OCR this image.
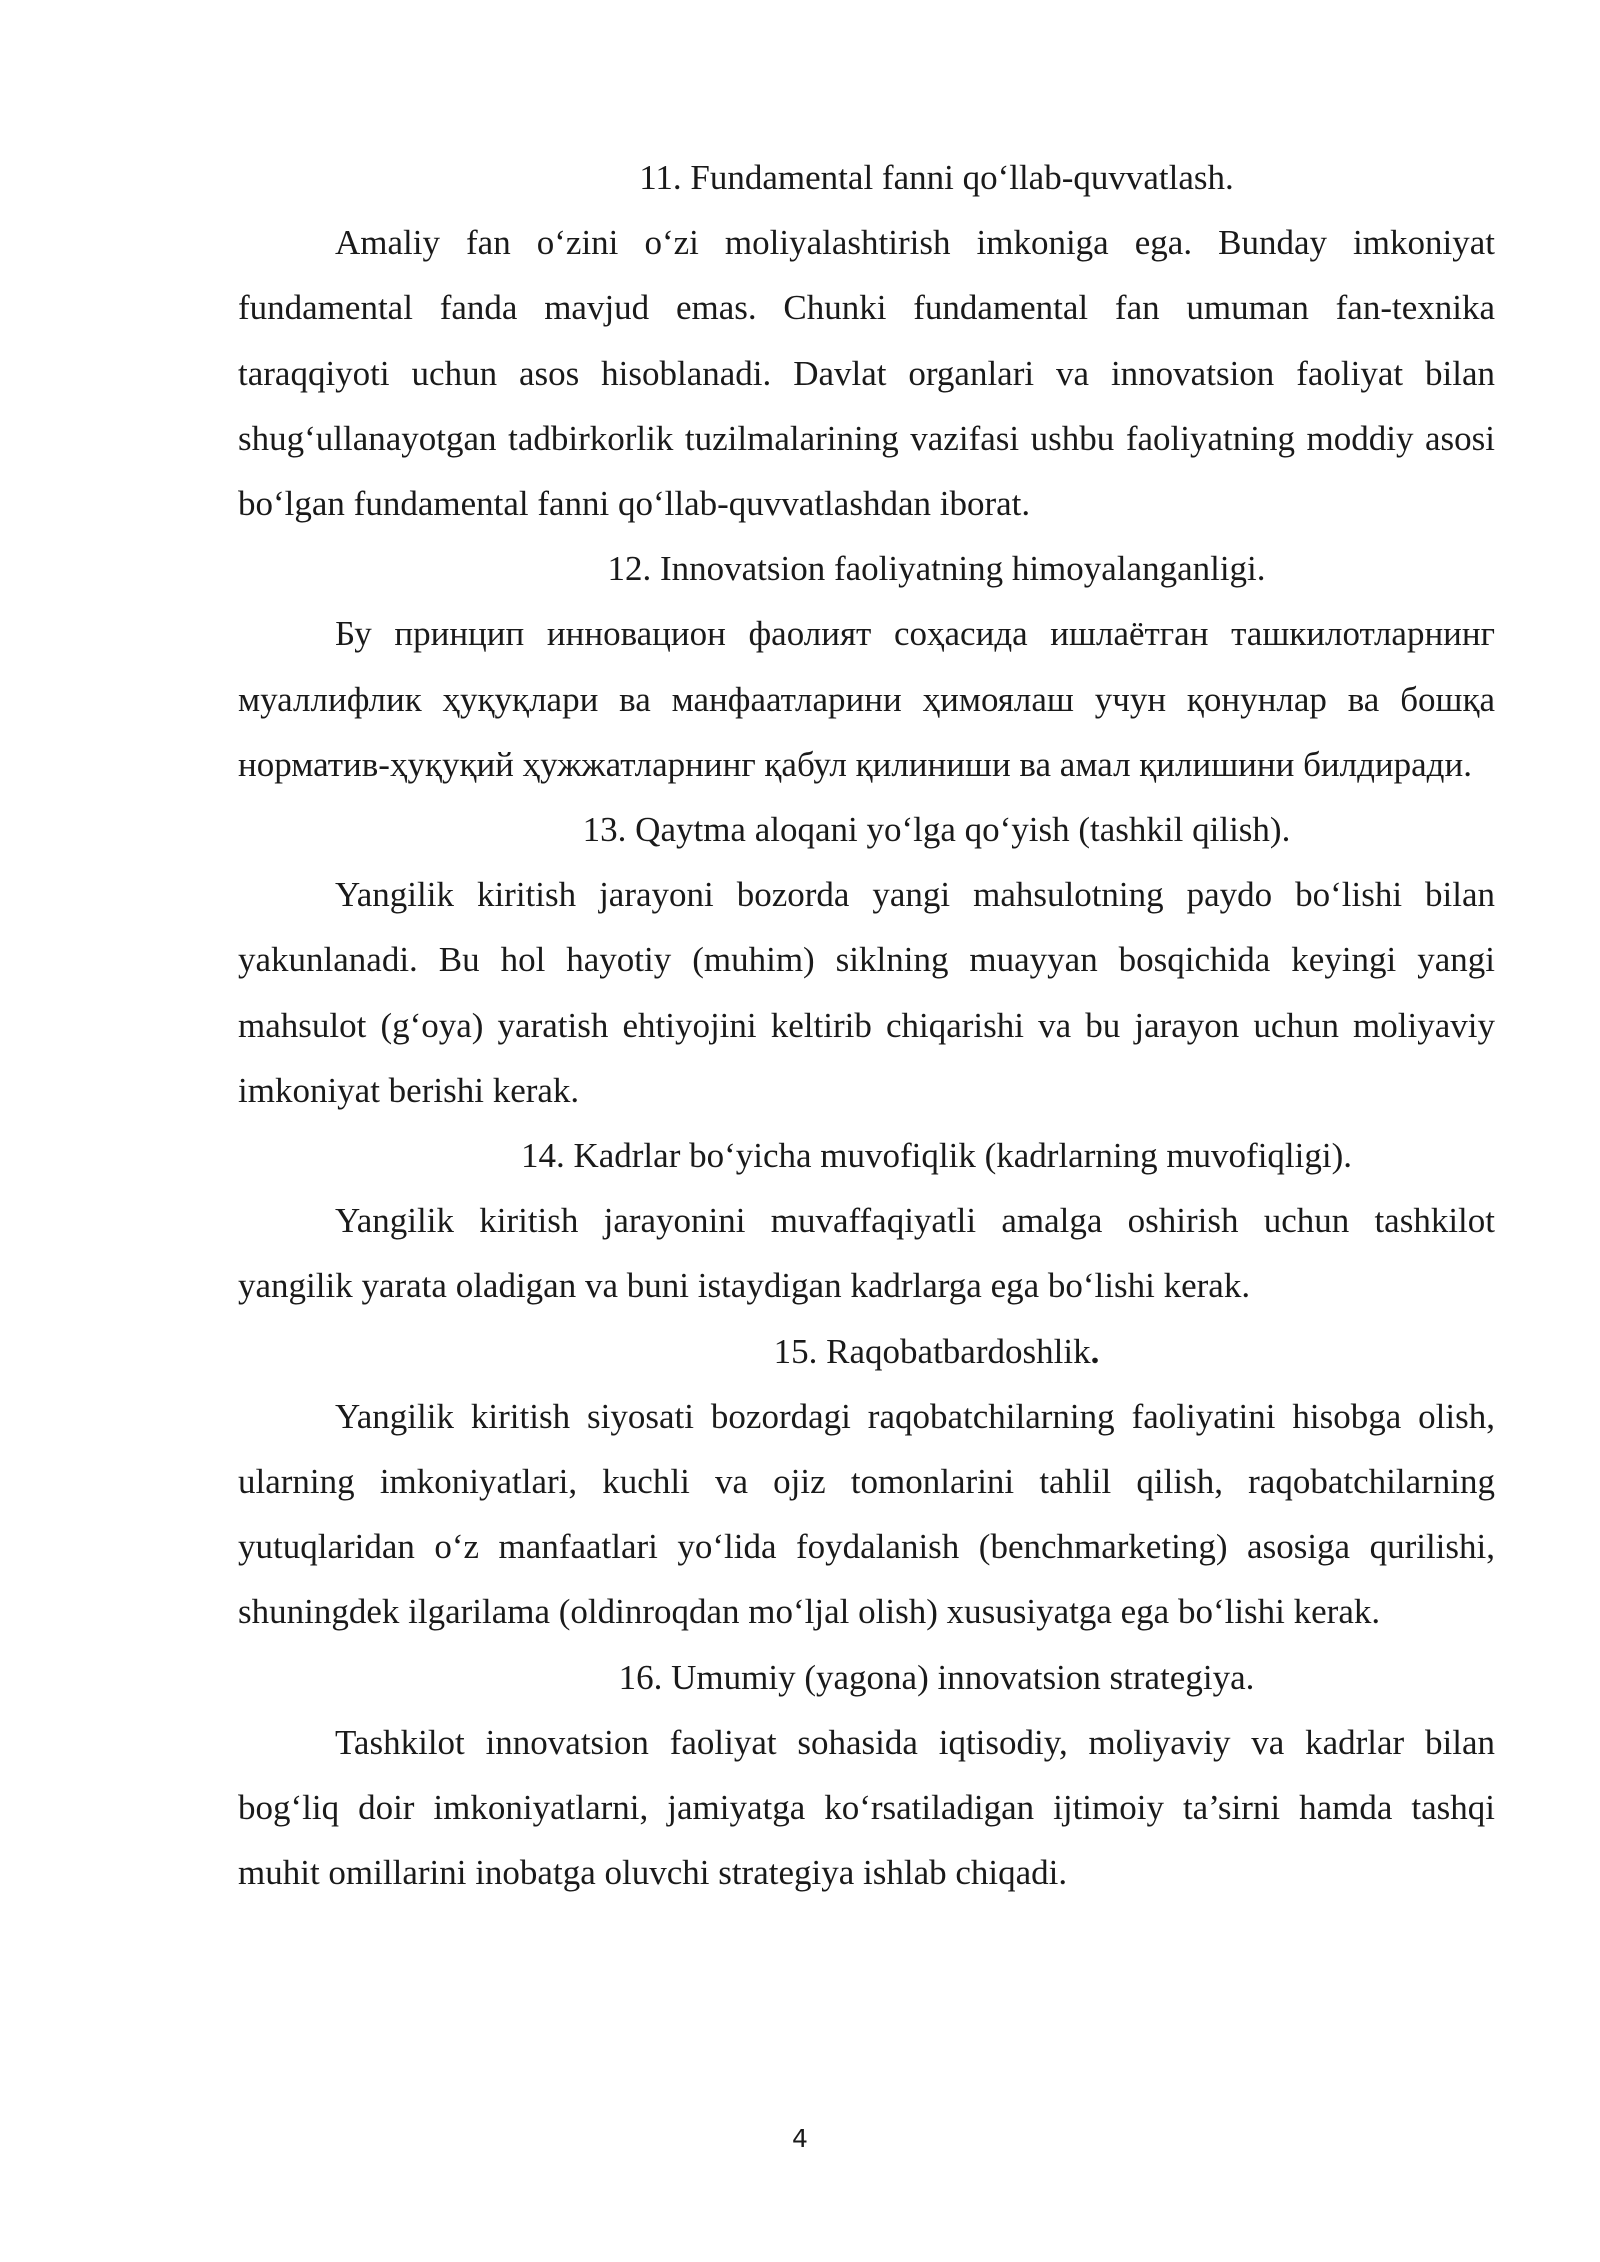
11. Fundamental fanni qo‘llab-quvvatlash.

Amaliy fan o‘zini o‘zi moliyalashtirish imkoniga ega. Bunday imkoniyat fundamental fanda mavjud emas. Chunki fundamental fan umuman fan-texnika taraqqiyoti uchun asos hisoblanadi. Davlat organlari va innovatsion faoliyat bilan shug‘ullanayotgan tadbirkorlik tuzilmalarining vazifasi ushbu faoliyatning moddiy asosi bo‘lgan fundamental fanni qo‘llab-quvvatlashdan iborat.

12. Innovatsion faoliyatning himoyalanganligi.

Бу принцип инновацион фаолият соҳасида ишлаётган ташкилотларнинг муаллифлик ҳуқуқлари ва манфаатларини ҳимоялаш учун қонунлар ва бошқа норматив-ҳуқуқий ҳужжатларнинг қабул қилиниши ва амал қилишини билдиради.

13. Qaytma aloqani yo‘lga qo‘yish (tashkil qilish).

Yangilik kiritish jarayoni bozorda yangi mahsulotning paydo bo‘lishi bilan yakunlanadi. Bu hol hayotiy (muhim) siklning muayyan bosqichida keyingi yangi mahsulot (g‘oya) yaratish ehtiyojini keltirib chiqarishi va bu jarayon uchun moliyaviy imkoniyat berishi kerak.

14. Kadrlar bo‘yicha muvofiqlik (kadrlarning muvofiqligi).

Yangilik kiritish jarayonini muvaffaqiyatli amalga oshirish uchun tashkilot yangilik yarata oladigan va buni istaydigan kadrlarga ega bo‘lishi kerak.

15. Raqobatbardoshlik.

Yangilik kiritish siyosati bozordagi raqobatchilarning faoliyatini hisobga olish, ularning imkoniyatlari, kuchli va ojiz tomonlarini tahlil qilish, raqobatchilarning yutuqlaridan o‘z manfaatlari yo‘lida foydalanish (benchmarketing) asosiga qurilishi, shuningdek ilgarilama (oldinroqdan mo‘ljal olish) xususiyatga ega bo‘lishi kerak.

16. Umumiy (yagona) innovatsion strategiya.

Tashkilot innovatsion faoliyat sohasida iqtisodiy, moliyaviy va kadrlar bilan bog‘liq doir imkoniyatlarni, jamiyatga ko‘rsatiladigan ijtimoiy ta’sirni hamda tashqi muhit omillarini inobatga oluvchi strategiya ishlab chiqadi.

4
